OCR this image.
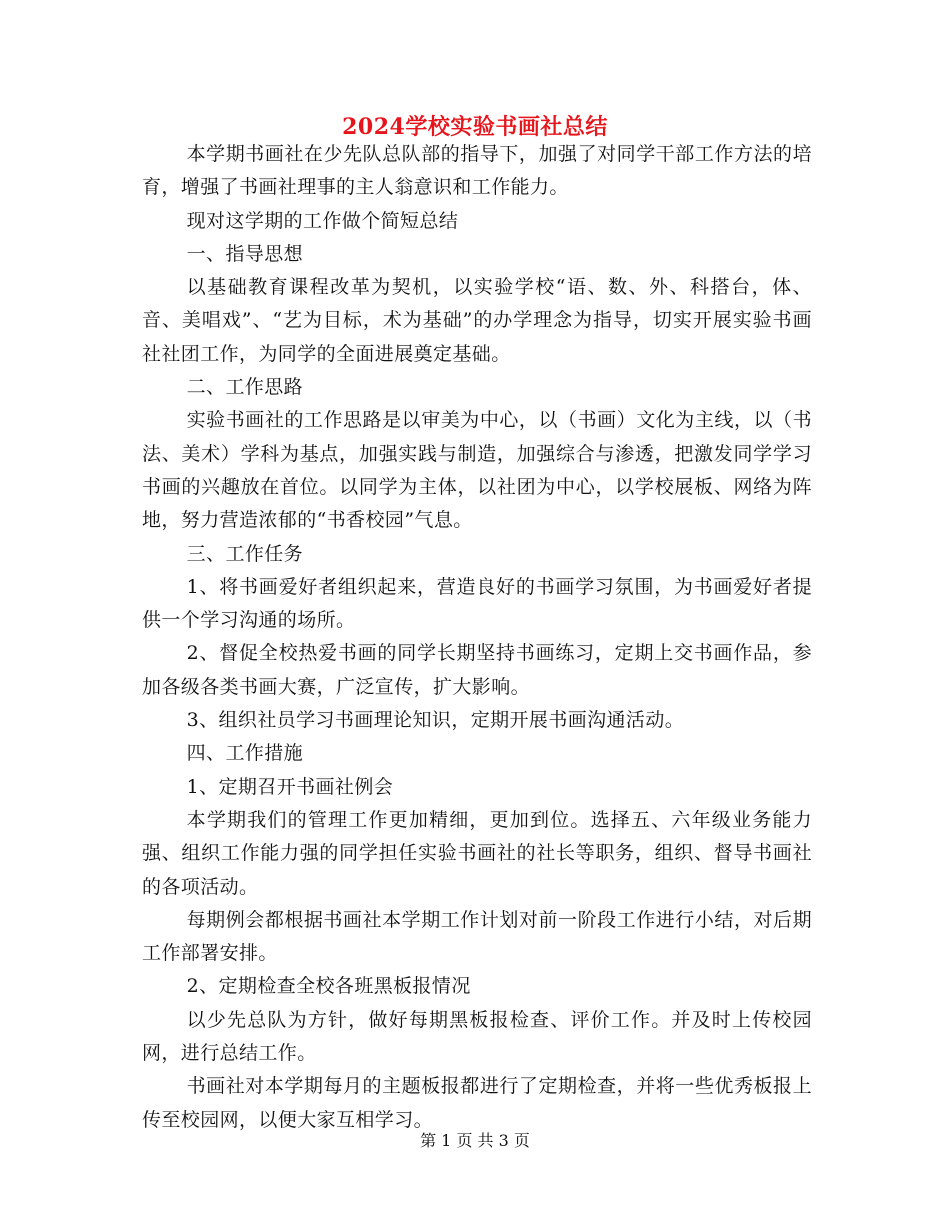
2024学校实验书画社总结

本学期书画社在少先队总队部的指导下，加强了对同学干部工作方法的培育，增强了书画社理事的主人翁意识和工作能力。

现对这学期的工作做个简短总结

一、指导思想

以基础教育课程改革为契机，以实验学校“语、数、外、科搭台，体、音、美唱戏”、“艺为目标，术为基础”的办学理念为指导，切实开展实验书画社社团工作，为同学的全面进展奠定基础。

二、工作思路

实验书画社的工作思路是以审美为中心，以（书画）文化为主线，以（书法、美术）学科为基点，加强实践与制造，加强综合与渗透，把激发同学学习书画的兴趣放在首位。以同学为主体，以社团为中心，以学校展板、网络为阵地，努力营造浓郁的“书香校园”气息。

三、工作任务

1、将书画爱好者组织起来，营造良好的书画学习氛围，为书画爱好者提供一个学习沟通的场所。

2、督促全校热爱书画的同学长期坚持书画练习，定期上交书画作品，参加各级各类书画大赛，广泛宣传，扩大影响。

3、组织社员学习书画理论知识，定期开展书画沟通活动。

四、工作措施

1、定期召开书画社例会

本学期我们的管理工作更加精细，更加到位。选择五、六年级业务能力强、组织工作能力强的同学担任实验书画社的社长等职务，组织、督导书画社的各项活动。

每期例会都根据书画社本学期工作计划对前一阶段工作进行小结，对后期工作部署安排。

2、定期检查全校各班黑板报情况

以少先总队为方针，做好每期黑板报检查、评价工作。并及时上传校园网，进行总结工作。

书画社对本学期每月的主题板报都进行了定期检查，并将一些优秀板报上传至校园网，以便大家互相学习。

第 1 页 共 3 页
